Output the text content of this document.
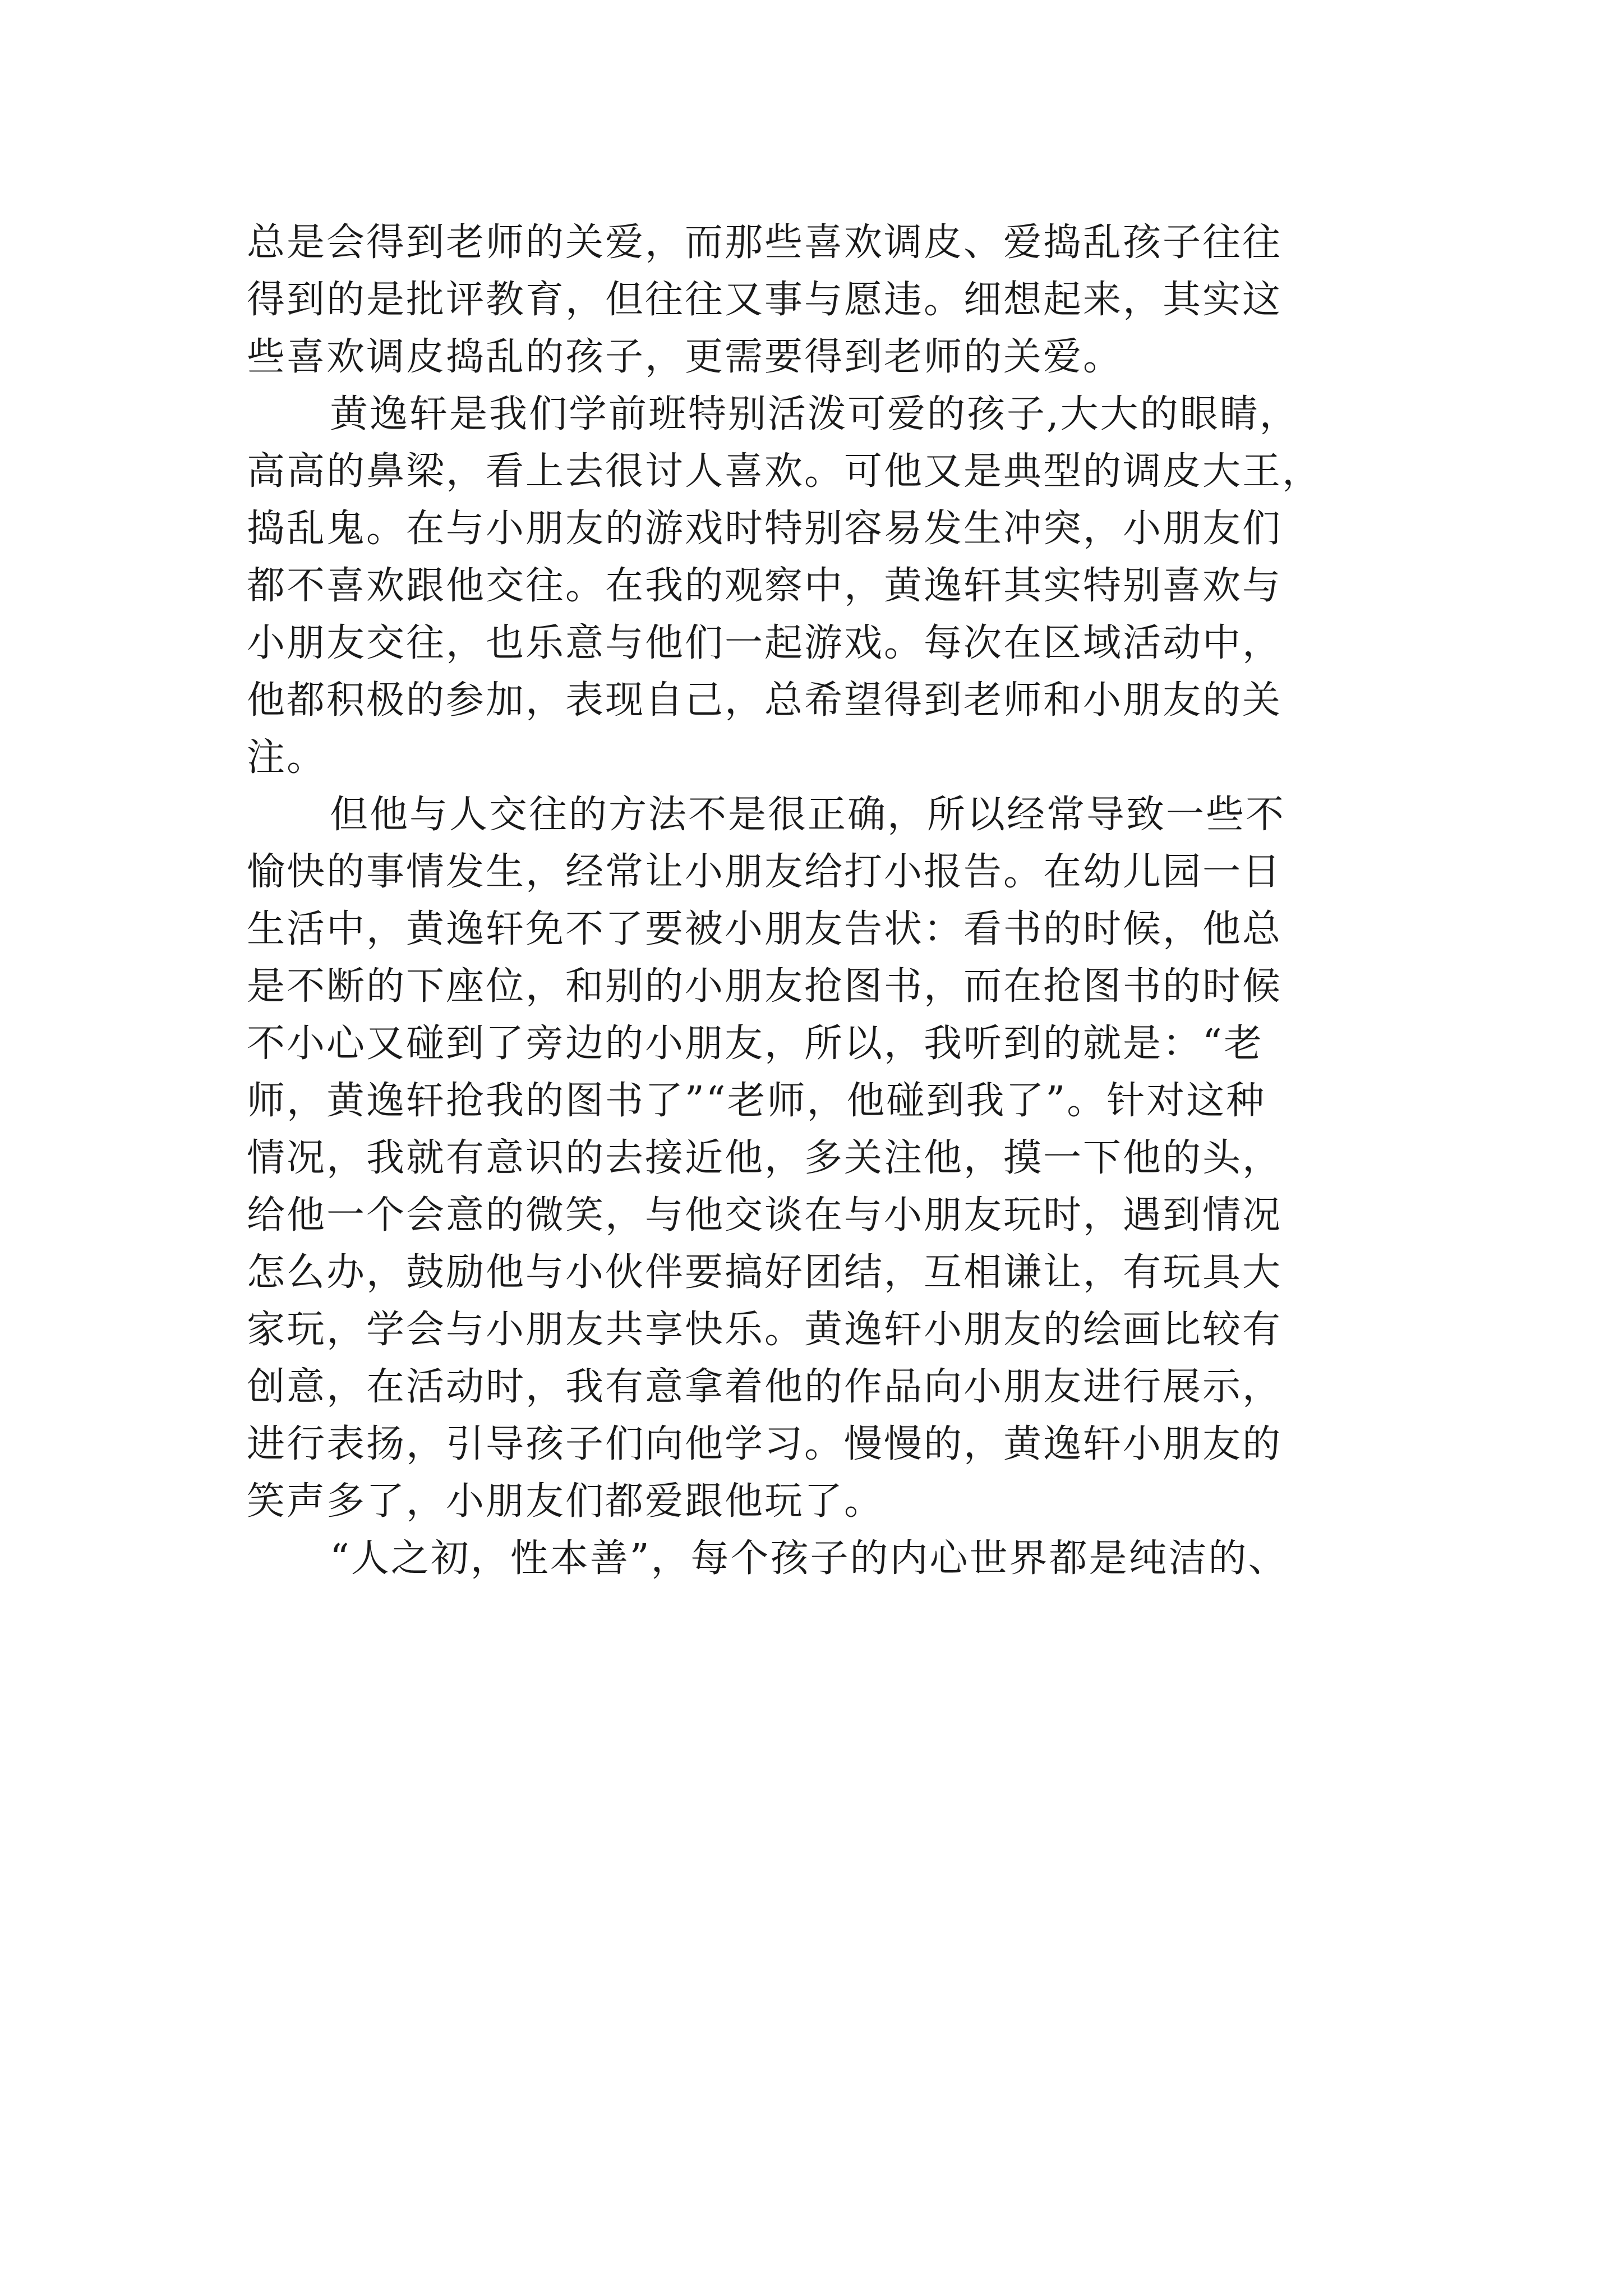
总是会得到老师的关爱，而那些喜欢调皮、爱捣乱孩子往往
得到的是批评教育，但往往又事与愿违。细想起来，其实这
些喜欢调皮捣乱的孩子，更需要得到老师的关爱。
黄逸轩是我们学前班特别活泼可爱的孩子,大大的眼睛，
高高的鼻梁，看上去很讨人喜欢。可他又是典型的调皮大王，
捣乱鬼。在与小朋友的游戏时特别容易发生冲突，小朋友们
都不喜欢跟他交往。在我的观察中，黄逸轩其实特别喜欢与
小朋友交往，也乐意与他们一起游戏。每次在区域活动中，
他都积极的参加，表现自己，总希望得到老师和小朋友的关
注。
但他与人交往的方法不是很正确，所以经常导致一些不
愉快的事情发生，经常让小朋友给打小报告。在幼儿园一日
生活中，黄逸轩免不了要被小朋友告状：看书的时候，他总
是不断的下座位，和别的小朋友抢图书，而在抢图书的时候
不小心又碰到了旁边的小朋友，所以，我听到的就是：“老
师，黄逸轩抢我的图书了”“老师，他碰到我了”。针对这种
情况，我就有意识的去接近他，多关注他，摸一下他的头，
给他一个会意的微笑，与他交谈在与小朋友玩时，遇到情况
怎么办，鼓励他与小伙伴要搞好团结，互相谦让，有玩具大
家玩，学会与小朋友共享快乐。黄逸轩小朋友的绘画比较有
创意，在活动时，我有意拿着他的作品向小朋友进行展示，
进行表扬，引导孩子们向他学习。慢慢的，黄逸轩小朋友的
笑声多了，小朋友们都爱跟他玩了。
“人之初，性本善”，每个孩子的内心世界都是纯洁的、
